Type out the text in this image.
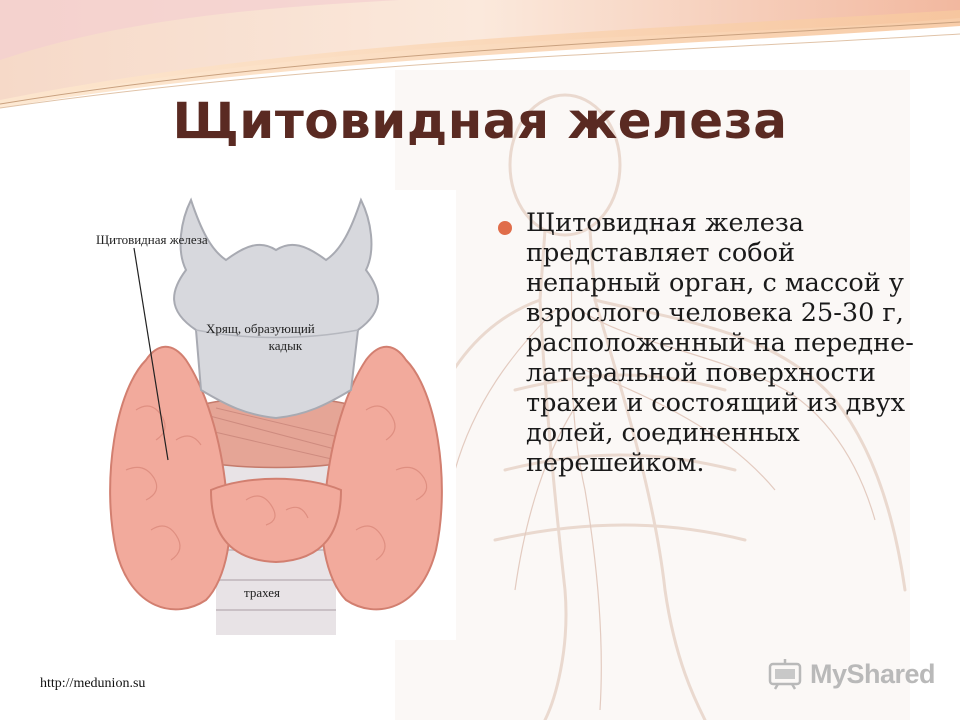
Щитовидная железа
Щитовидная железа
Хрящ, образующий
кадык
трахея

Щитовидная железа представляет собой непарный орган, с массой у взрослого человека 25-30 г, расположенный на передне-латеральной поверхности трахеи и состоящий из двух долей, соединенных перешейком.

http://medunion.su	MyShared
